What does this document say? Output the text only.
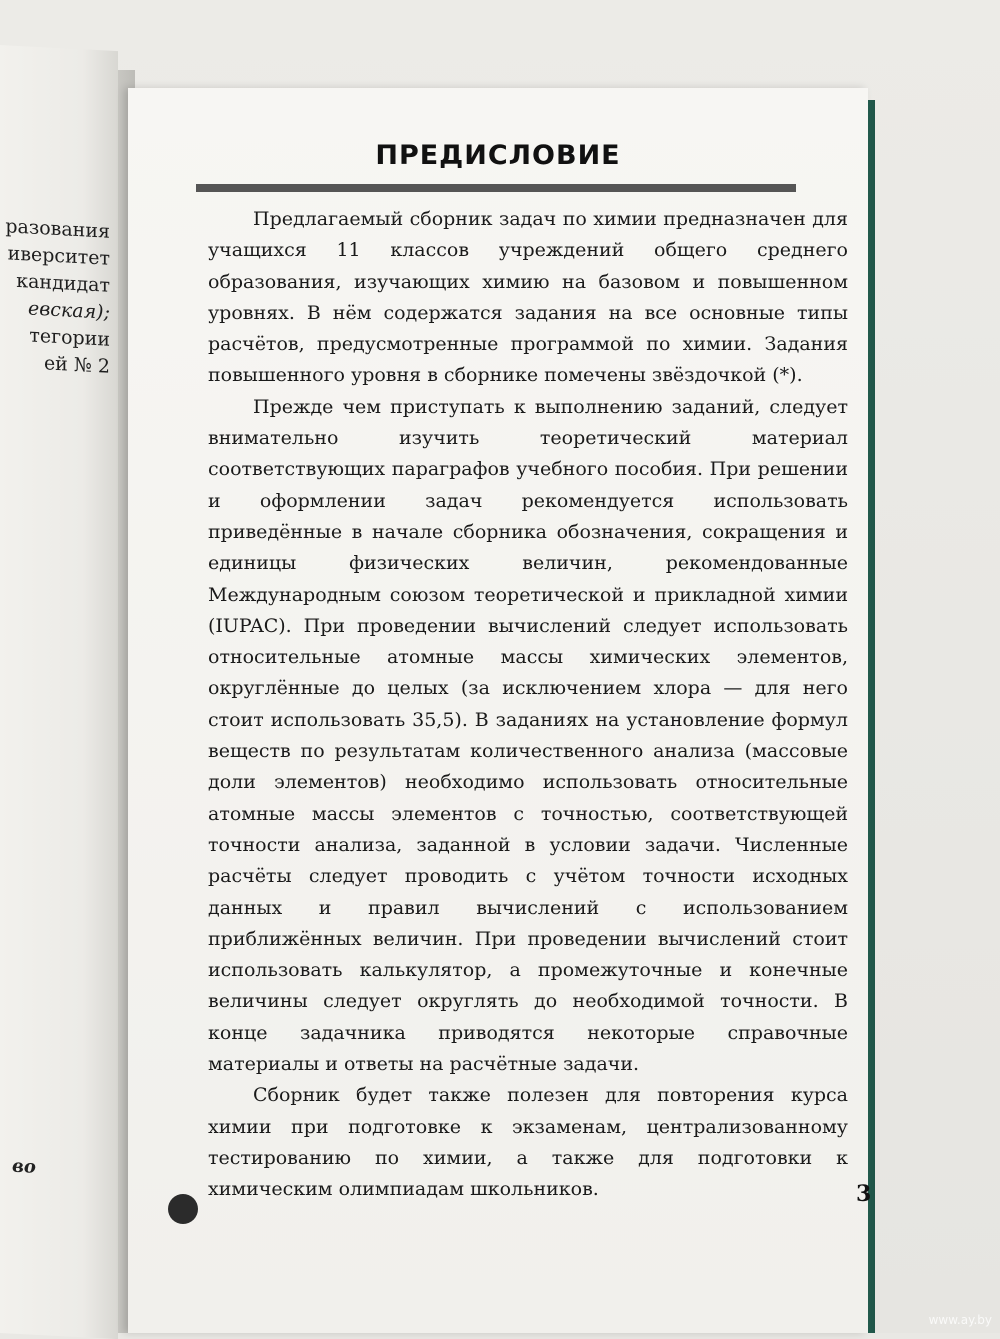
разования
иверситет
кандидат
евская);
тегории
ей № 2
во
ПРЕДИСЛОВИЕ

Предлагаемый сборник задач по химии предназначен для учащихся 11 классов учреждений общего среднего образования, изучающих химию на базовом и повышенном уровнях. В нём содержатся задания на все основные типы расчётов, предусмотренные программой по химии. Задания повышенного уровня в сборнике помечены звёздочкой (*).

Прежде чем приступать к выполнению заданий, следует внимательно изучить теоретический материал соответствующих параграфов учебного пособия. При решении и оформлении задач рекомендуется использовать приведённые в начале сборника обозначения, сокращения и единицы физических величин, рекомендованные Международным союзом теоретической и прикладной химии (IUPAC). При проведении вычислений следует использовать относительные атомные массы химических элементов, округлённые до целых (за исключением хлора — для него стоит использовать 35,5). В заданиях на установление формул веществ по результатам количественного анализа (массовые доли элементов) необходимо использовать относительные атомные массы элементов с точностью, соответствующей точности анализа, заданной в условии задачи. Численные расчёты следует проводить с учётом точности исходных данных и правил вычислений с использованием приближённых величин. При проведении вычислений стоит использовать калькулятор, а промежуточные и конечные величины следует округлять до необходимой точности. В конце задачника приводятся некоторые справочные материалы и ответы на расчётные задачи.

Сборник будет также полезен для повторения курса химии при подготовке к экзаменам, централизованному тестированию по химии, а также для подготовки к химическим олимпиадам школьников.	3
www.ay.by
